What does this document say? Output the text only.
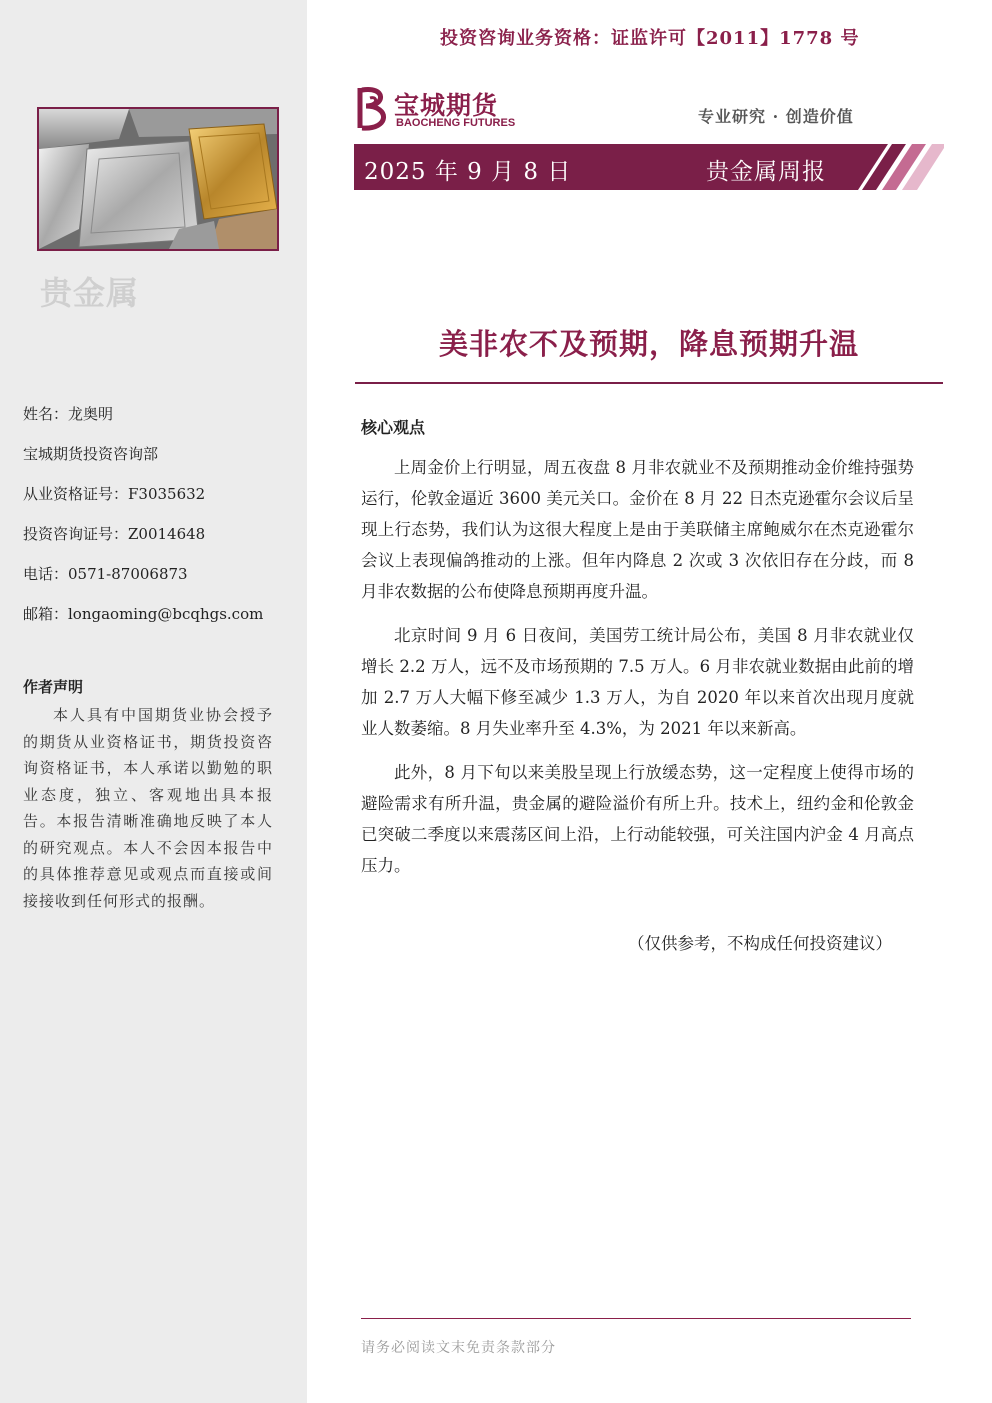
贵金属
姓名：龙奥明
宝城期货投资咨询部
从业资格证号：F3035632
投资咨询证号：Z0014648
电话：0571-87006873
邮箱：longaoming@bcqhgs.com
作者声明
本人具有中国期货业协会授予的期货从业资格证书，期货投资咨询资格证书，本人承诺以勤勉的职业态度，独立、客观地出具本报告。本报告清晰准确地反映了本人的研究观点。本人不会因本报告中的具体推荐意见或观点而直接或间接接收到任何形式的报酬。
投资咨询业务资格：证监许可【2011】1778 号
宝城期货
BAOCHENG FUTURES	专业研究 · 创造价值
2025 年 9 月 8 日	贵金属周报
美非农不及预期，降息预期升温
核心观点

上周金价上行明显，周五夜盘 8 月非农就业不及预期推动金价维持强势运行，伦敦金逼近 3600 美元关口。金价在 8 月 22 日杰克逊霍尔会议后呈现上行态势，我们认为这很大程度上是由于美联储主席鲍威尔在杰克逊霍尔会议上表现偏鸽推动的上涨。但年内降息 2 次或 3 次依旧存在分歧，而 8 月非农数据的公布使降息预期再度升温。

北京时间 9 月 6 日夜间，美国劳工统计局公布，美国 8 月非农就业仅增长 2.2 万人，远不及市场预期的 7.5 万人。6 月非农就业数据由此前的增加 2.7 万人大幅下修至减少 1.3 万人，为自 2020 年以来首次出现月度就业人数萎缩。8 月失业率升至 4.3%，为 2021 年以来新高。

此外，8 月下旬以来美股呈现上行放缓态势，这一定程度上使得市场的避险需求有所升温，贵金属的避险溢价有所上升。技术上，纽约金和伦敦金已突破二季度以来震荡区间上沿，上行动能较强，可关注国内沪金 4 月高点压力。

（仅供参考，不构成任何投资建议）
请务必阅读文末免责条款部分
